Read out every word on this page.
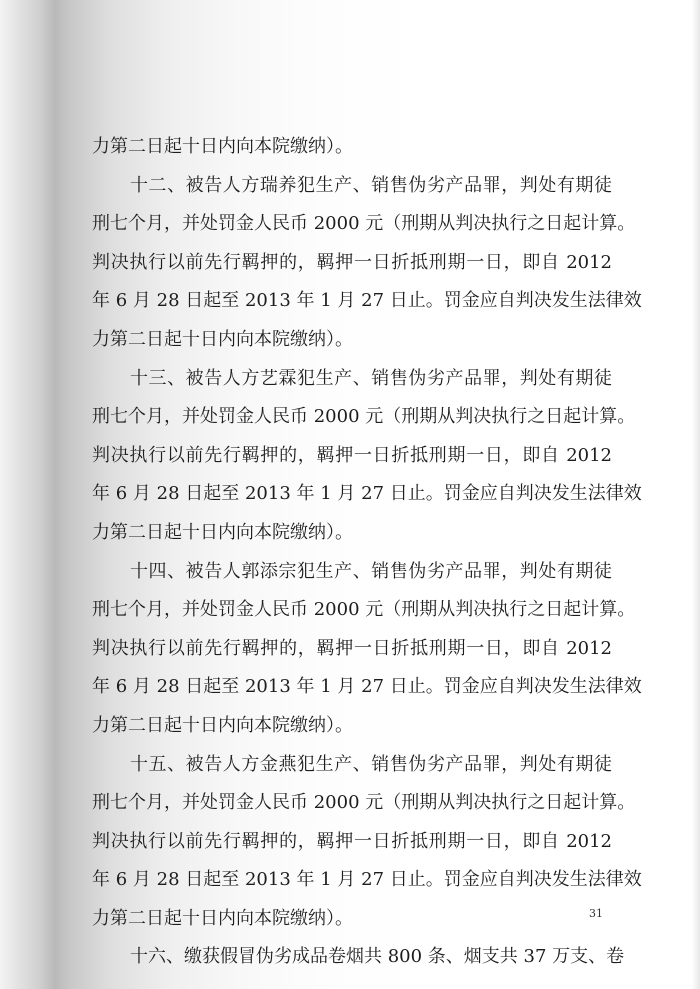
力第二日起十日内向本院缴纳）。
十二、被告人方瑞养犯生产、销售伪劣产品罪，判处有期徒
刑七个月，并处罚金人民币 2000 元（刑期从判决执行之日起计算。
判决执行以前先行羁押的，羁押一日折抵刑期一日，即自 2012
年 6 月 28 日起至 2013 年 1 月 27 日止。罚金应自判决发生法律效
力第二日起十日内向本院缴纳）。
十三、被告人方艺霖犯生产、销售伪劣产品罪，判处有期徒
刑七个月，并处罚金人民币 2000 元（刑期从判决执行之日起计算。
判决执行以前先行羁押的，羁押一日折抵刑期一日，即自 2012
年 6 月 28 日起至 2013 年 1 月 27 日止。罚金应自判决发生法律效
力第二日起十日内向本院缴纳）。
十四、被告人郭添宗犯生产、销售伪劣产品罪，判处有期徒
刑七个月，并处罚金人民币 2000 元（刑期从判决执行之日起计算。
判决执行以前先行羁押的，羁押一日折抵刑期一日，即自 2012
年 6 月 28 日起至 2013 年 1 月 27 日止。罚金应自判决发生法律效
力第二日起十日内向本院缴纳）。
十五、被告人方金燕犯生产、销售伪劣产品罪，判处有期徒
刑七个月，并处罚金人民币 2000 元（刑期从判决执行之日起计算。
判决执行以前先行羁押的，羁押一日折抵刑期一日，即自 2012
年 6 月 28 日起至 2013 年 1 月 27 日止。罚金应自判决发生法律效
力第二日起十日内向本院缴纳）。
十六、缴获假冒伪劣成品卷烟共 800 条、烟支共 37 万支、卷
31
